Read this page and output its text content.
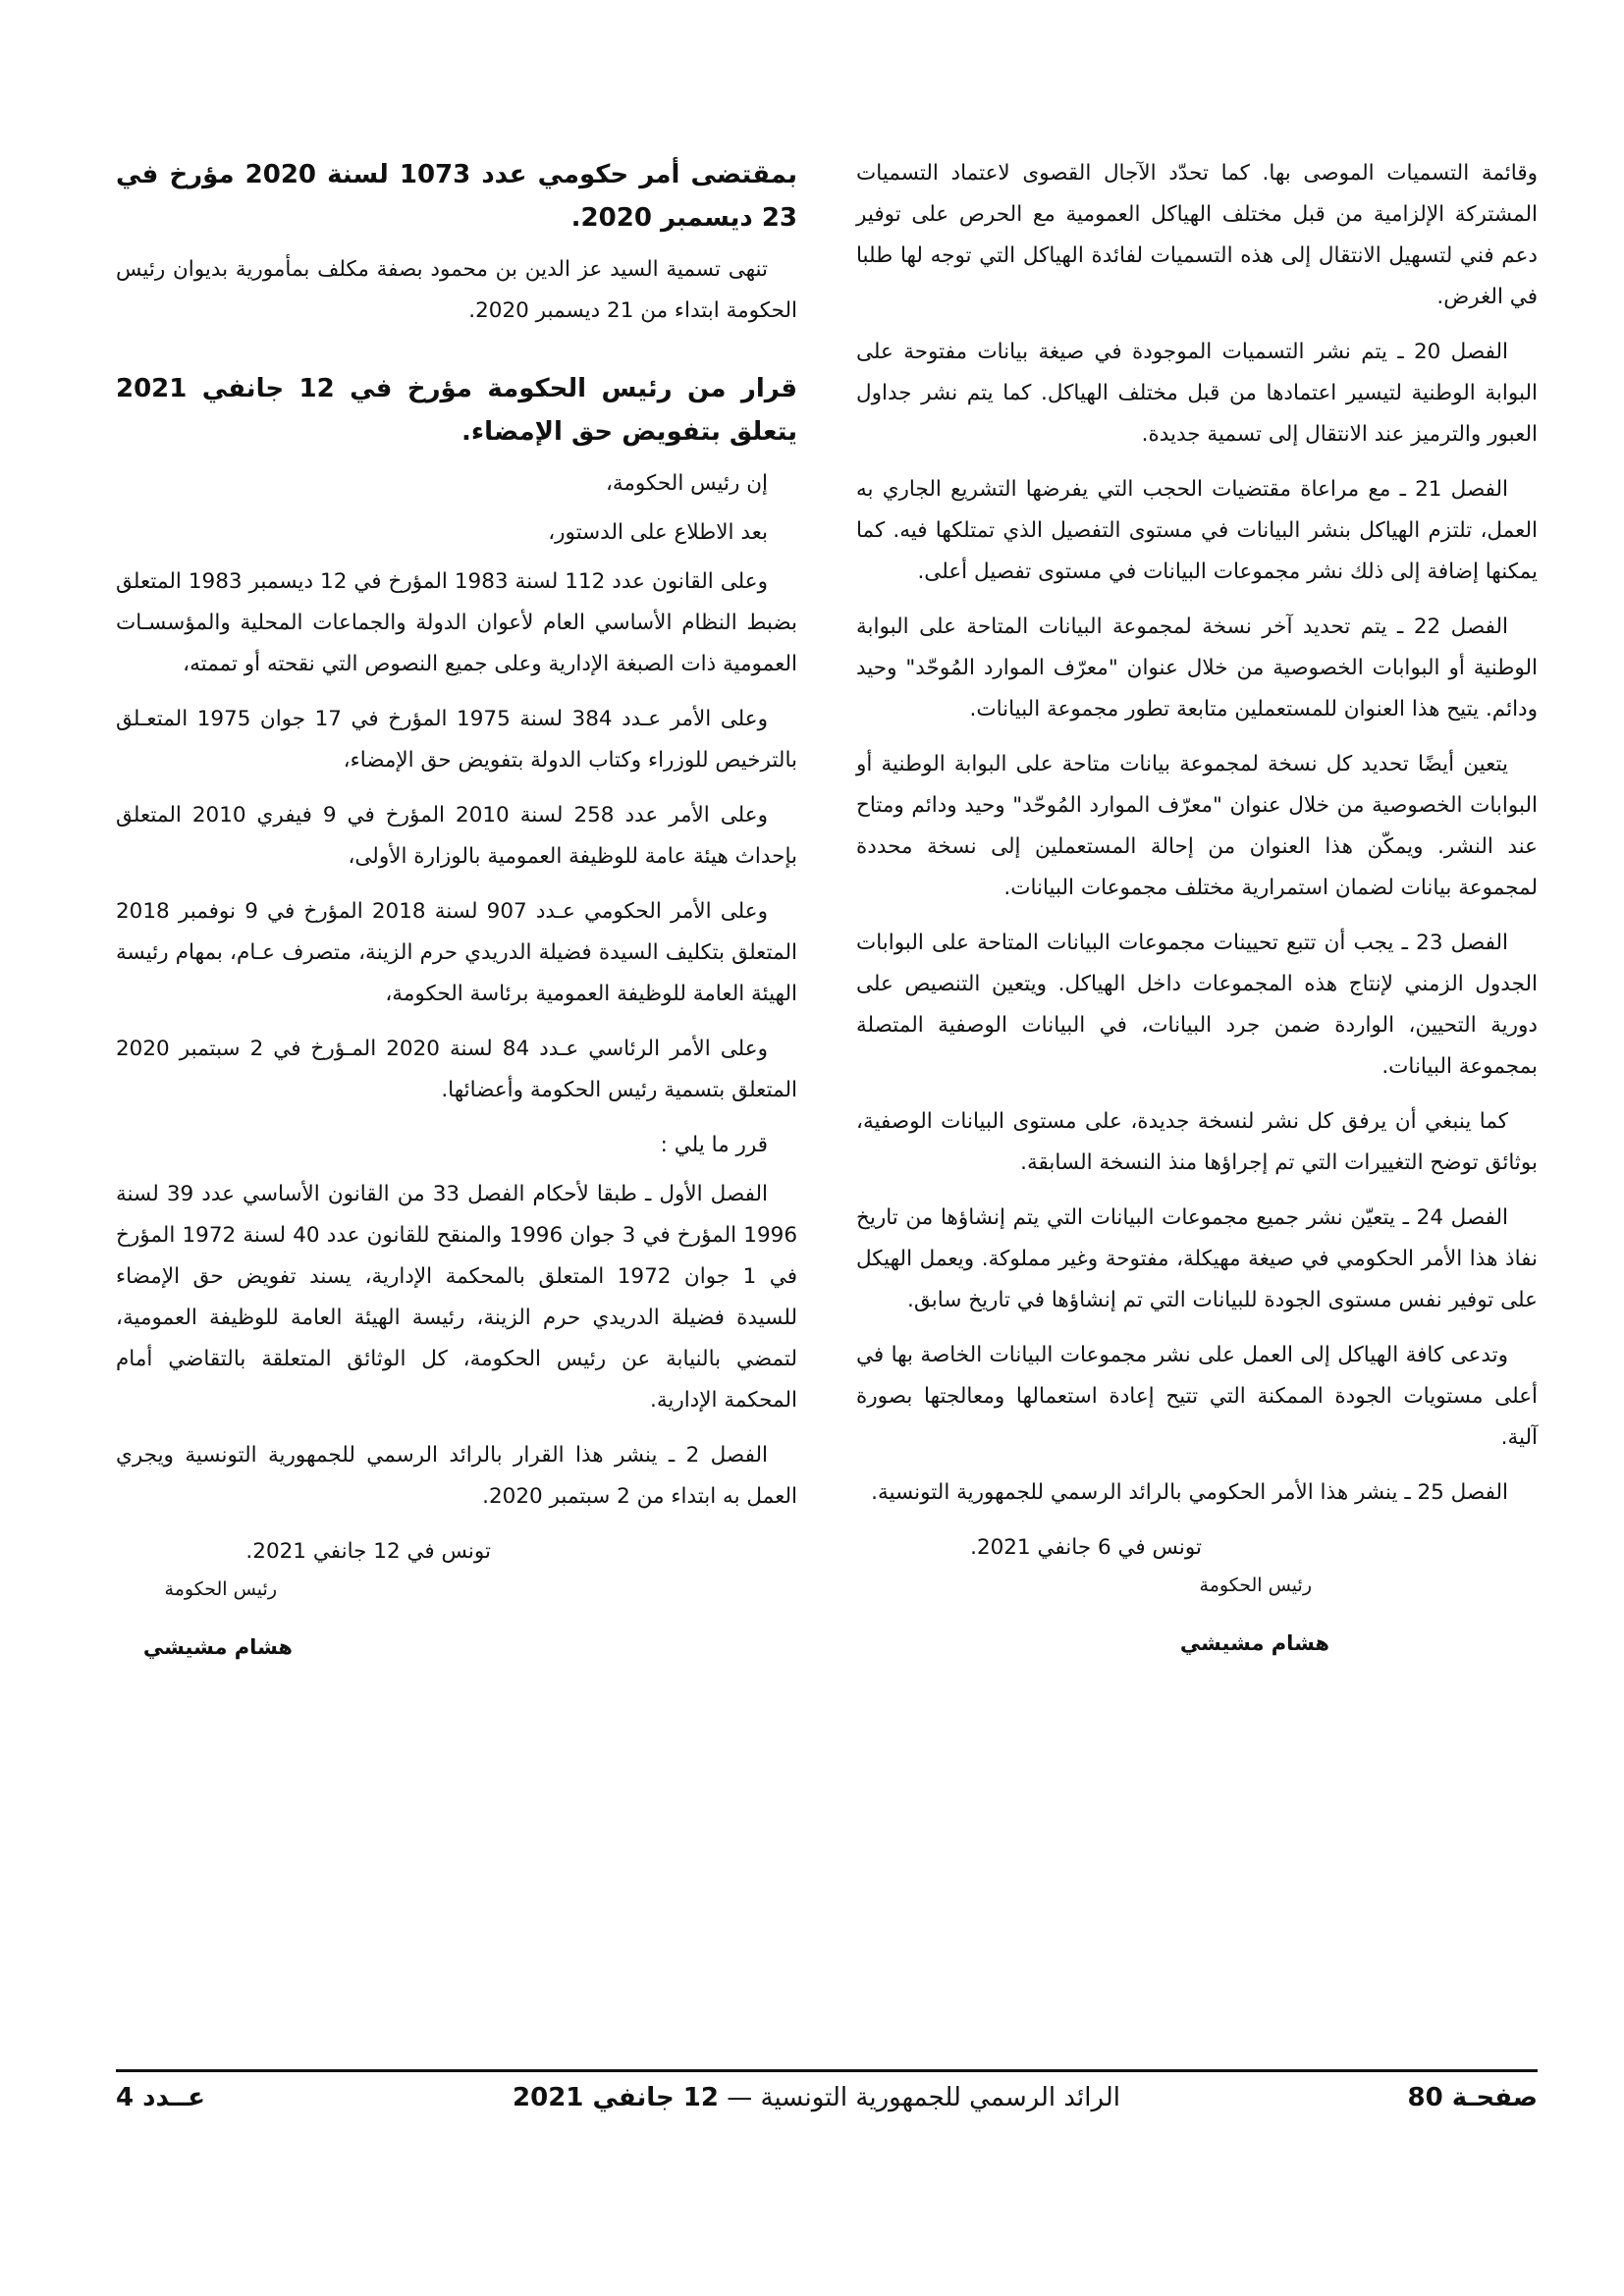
وقائمة التسميات الموصى بها. كما تحدّد الآجال القصوى لاعتماد التسميات المشتركة الإلزامية من قبل مختلف الهياكل العمومية مع الحرص على توفير دعم فني لتسهيل الانتقال إلى هذه التسميات لفائدة الهياكل التي توجه لها طلبا في الغرض.

الفصل 20 ـ يتم نشر التسميات الموجودة في صيغة بيانات مفتوحة على البوابة الوطنية لتيسير اعتمادها من قبل مختلف الهياكل. كما يتم نشر جداول العبور والترميز عند الانتقال إلى تسمية جديدة.

الفصل 21 ـ مع مراعاة مقتضيات الحجب التي يفرضها التشريع الجاري به العمل، تلتزم الهياكل بنشر البيانات في مستوى التفصيل الذي تمتلكها فيه. كما يمكنها إضافة إلى ذلك نشر مجموعات البيانات في مستوى تفصيل أعلى.

الفصل 22 ـ يتم تحديد آخر نسخة لمجموعة البيانات المتاحة على البوابة الوطنية أو البوابات الخصوصية من خلال عنوان "معرّف الموارد المُوحّد" وحيد ودائم. يتيح هذا العنوان للمستعملين متابعة تطور مجموعة البيانات.

يتعين أيضًا تحديد كل نسخة لمجموعة بيانات متاحة على البوابة الوطنية أو البوابات الخصوصية من خلال عنوان "معرّف الموارد المُوحّد" وحيد ودائم ومتاح عند النشر. ويمكّن هذا العنوان من إحالة المستعملين إلى نسخة محددة لمجموعة بيانات لضمان استمرارية مختلف مجموعات البيانات.

الفصل 23 ـ يجب أن تتبع تحيينات مجموعات البيانات المتاحة على البوابات الجدول الزمني لإنتاج هذه المجموعات داخل الهياكل. ويتعين التنصيص على دورية التحيين، الواردة ضمن جرد البيانات، في البيانات الوصفية المتصلة بمجموعة البيانات.

كما ينبغي أن يرفق كل نشر لنسخة جديدة، على مستوى البيانات الوصفية، بوثائق توضح التغييرات التي تم إجراؤها منذ النسخة السابقة.

الفصل 24 ـ يتعيّن نشر جميع مجموعات البيانات التي يتم إنشاؤها من تاريخ نفاذ هذا الأمر الحكومي في صيغة مهيكلة، مفتوحة وغير مملوكة. ويعمل الهيكل على توفير نفس مستوى الجودة للبيانات التي تم إنشاؤها في تاريخ سابق.

وتدعى كافة الهياكل إلى العمل على نشر مجموعات البيانات الخاصة بها في أعلى مستويات الجودة الممكنة التي تتيح إعادة استعمالها ومعالجتها بصورة آلية.

الفصل 25 ـ ينشر هذا الأمر الحكومي بالرائد الرسمي للجمهورية التونسية.

تونس في 6 جانفي 2021.

رئيس الحكومة
هشام مشيشي

بمقتضى أمر حكومي عدد 1073 لسنة 2020 مؤرخ في 23 ديسمبر 2020.

تنهى تسمية السيد عز الدين بن محمود بصفة مكلف بمأمورية بديوان رئيس الحكومة ابتداء من 21 ديسمبر 2020.

قرار من رئيس الحكومة مؤرخ في 12 جانفي 2021 يتعلق بتفويض حق الإمضاء.

إن رئيس الحكومة،

بعد الاطلاع على الدستور،

وعلى القانون عدد 112 لسنة 1983 المؤرخ في 12 ديسمبر 1983 المتعلق بضبط النظام الأساسي العام لأعوان الدولة والجماعات المحلية والمؤسسـات العمومية ذات الصبغة الإدارية وعلى جميع النصوص التي نقحته أو تممته،

وعلى الأمر عـدد 384 لسنة 1975 المؤرخ في 17 جوان 1975 المتعـلق بالترخيص للوزراء وكتاب الدولة بتفويض حق الإمضاء،

وعلى الأمر عدد 258 لسنة 2010 المؤرخ في 9 فيفري 2010 المتعلق بإحداث هيئة عامة للوظيفة العمومية بالوزارة الأولى،

وعلى الأمر الحكومي عـدد 907 لسنة 2018 المؤرخ في 9 نوفمبر 2018 المتعلق بتكليف السيدة فضيلة الدريدي حرم الزينة، متصرف عـام، بمهام رئيسة الهيئة العامة للوظيفة العمومية برئاسة الحكومة،

وعلى الأمر الرئاسي عـدد 84 لسنة 2020 المـؤرخ في 2 سبتمبر 2020 المتعلق بتسمية رئيس الحكومة وأعضائها.

قرر ما يلي :

الفصل الأول ـ طبقا لأحكام الفصل 33 من القانون الأساسي عدد 39 لسنة 1996 المؤرخ في 3 جوان 1996 والمنقح للقانون عدد 40 لسنة 1972 المؤرخ في 1 جوان 1972 المتعلق بالمحكمة الإدارية، يسند تفويض حق الإمضاء للسيدة فضيلة الدريدي حرم الزينة، رئيسة الهيئة العامة للوظيفة العمومية، لتمضي بالنيابة عن رئيس الحكومة، كل الوثائق المتعلقة بالتقاضي أمام المحكمة الإدارية.

الفصل 2 ـ ينشر هذا القرار بالرائد الرسمي للجمهورية التونسية ويجري العمل به ابتداء من 2 سبتمبر 2020.

تونس في 12 جانفي 2021.

رئيس الحكومة
هشام مشيشي
صفحـة 80
الرائد الرسمي للجمهورية التونسية — 12 جانفي 2021
عــدد 4
